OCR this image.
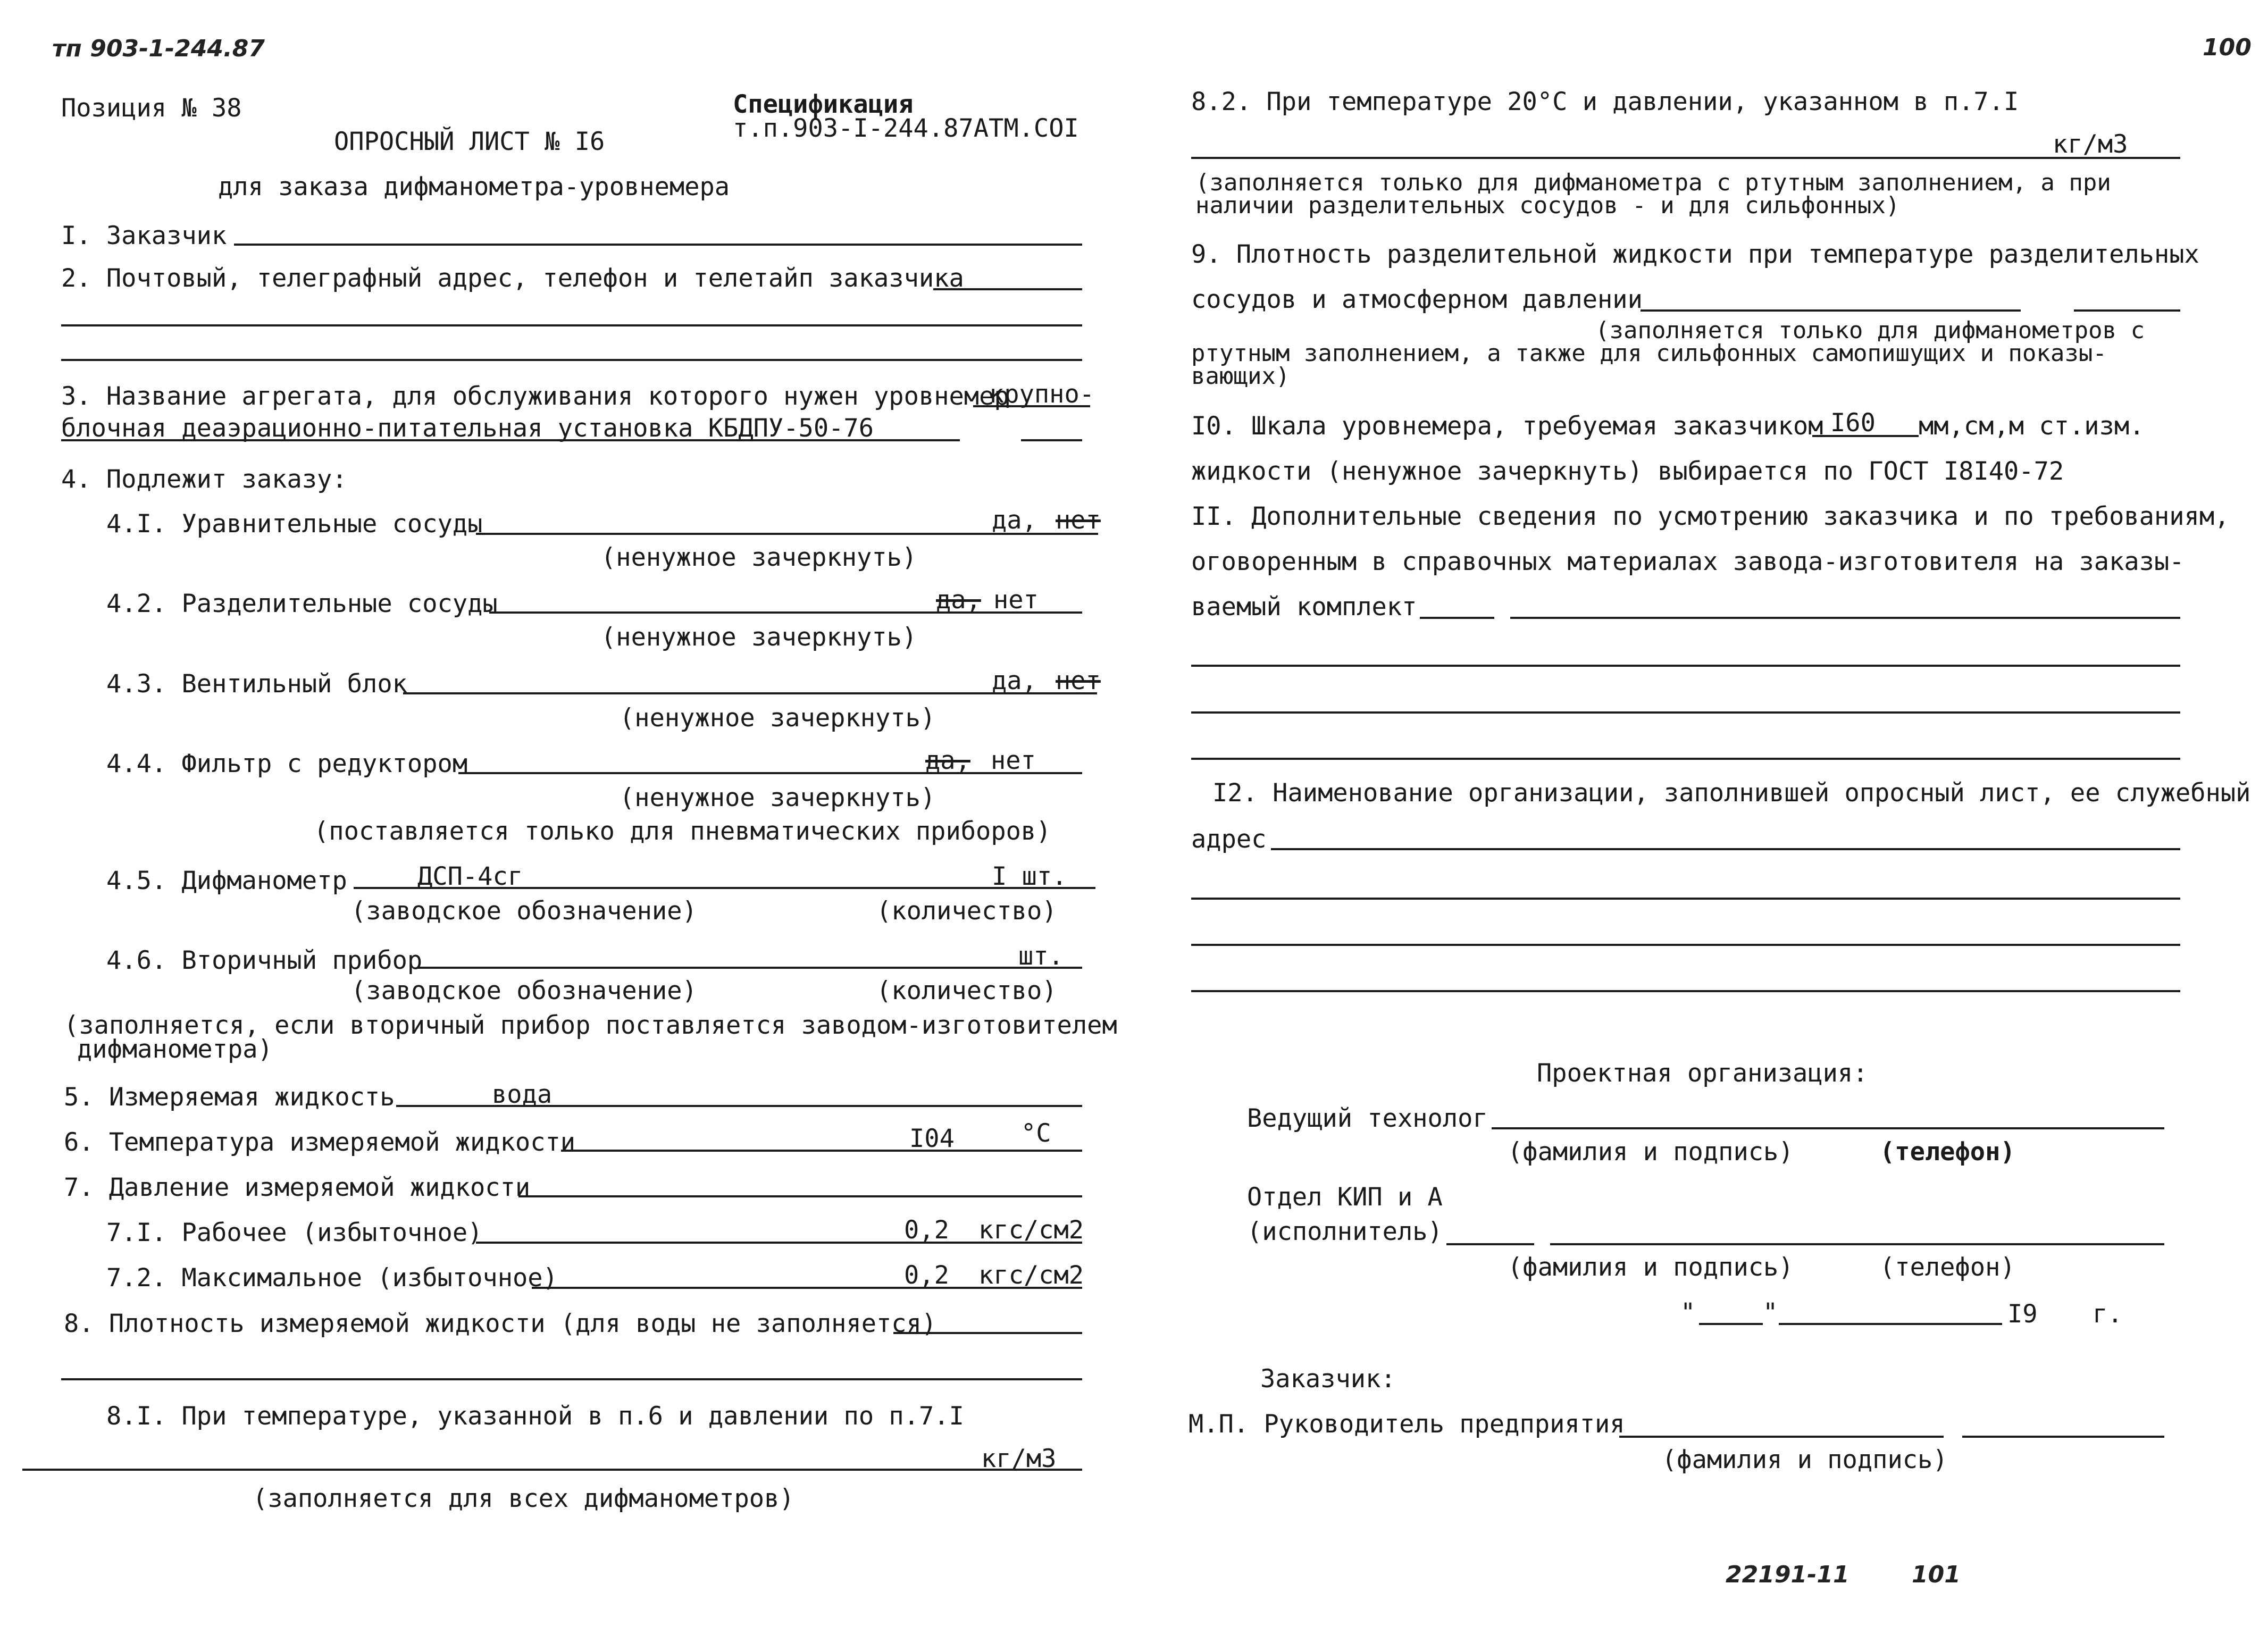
тп 903-1-244.87	100
Позиция № 38
ОПРОСНЫЙ ЛИСТ № I6
Спецификация
т.п.903-I-244.87АТМ.СОI
для заказа дифманометра-уровнемера
I. Заказчик
2. Почтовый, телеграфный адрес, телефон и телетайп заказчика
3. Название агрегата, для обслуживания которого нужен уровнемер
крупно-
блочная деаэрационно-питательная установка КБДПУ-50-76
4. Подлежит заказу:
4.I. Уравнительные сосуды	да, нет
(ненужное зачеркнуть)
4.2. Разделительные сосуды	да, нет
(ненужное зачеркнуть)
4.3. Вентильный блок	да, нет
(ненужное зачеркнуть)
4.4. Фильтр с редуктором	да, нет
(ненужное зачеркнуть)
(поставляется только для пневматических приборов)
4.5. Дифманометр	ДСП-4сг	I шт.
(заводское обозначение)	(количество)
4.6. Вторичный прибор	шт.
(заводское обозначение)	(количество)
(заполняется, если вторичный прибор поставляется заводом-изготовителем
дифманометра)
5. Измеряемая жидкость	вода
6. Температура измеряемой жидкости	I04	°С
7. Давление измеряемой жидкости
7.I. Рабочее (избыточное)	0,2 кгс/см2
7.2. Максимальное (избыточное)	0,2 кгс/см2
8. Плотность измеряемой жидкости (для воды не заполняется)
8.I. При температуре, указанной в п.6 и давлении по п.7.I
кг/м3
(заполняется для всех дифманометров)
8.2. При температуре 20°С и давлении, указанном в п.7.I
кг/м3
(заполняется только для дифманометра с ртутным заполнением, а при
наличии разделительных сосудов - и для сильфонных)
9. Плотность разделительной жидкости при температуре разделительных
сосудов и атмосферном давлении
(заполняется только для дифманометров с
ртутным заполнением, а также для сильфонных самопишущих и показы-
вающих)
I0. Шкала уровнемера, требуемая заказчиком I60 мм,см,м ст.изм.
жидкости (ненужное зачеркнуть) выбирается по ГОСТ I8I40-72
II. Дополнительные сведения по усмотрению заказчика и по требованиям,
оговоренным в справочных материалах завода-изготовителя на заказы-
ваемый комплект
I2. Наименование организации, заполнившей опросный лист, ее служебный
адрес
Проектная организация:
Ведущий технолог
(фамилия и подпись)	(телефон)
Отдел КИП и А
(исполнитель)
(фамилия и подпись)	(телефон)
"	"	I9 г.
Заказчик:
М.П. Руководитель предприятия
(фамилия и подпись)
22191-11	101
